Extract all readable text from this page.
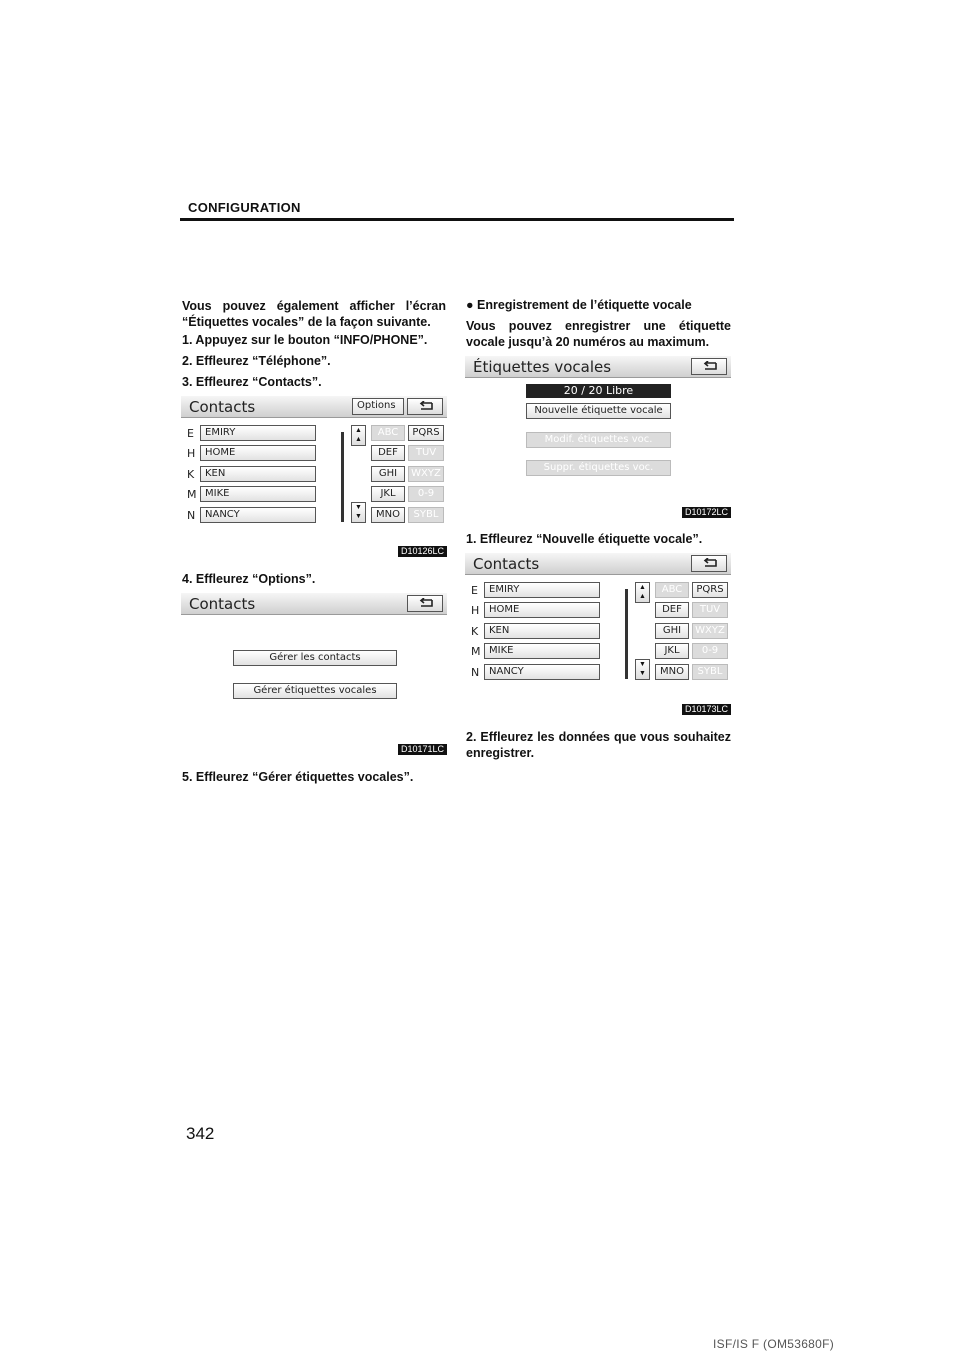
CONFIGURATION
Vous pouvez également afficher l’écran “Étiquettes vocales” de la façon suivante.
1. Appuyez sur le bouton “INFO/PHONE”.
2. Effleurez “Téléphone”.
3. Effleurez “Contacts”.
Contacts	Options
E
H
K
M
N
EMIRY
HOME
KEN
MIKE
NANCY
▲
▲
▼
▼
ABC
DEF
GHI
JKL
MNO
PQRS
TUV
WXYZ
0-9
SYBL
D10126LC
4. Effleurez “Options”.
Contacts
Gérer les contacts
Gérer étiquettes vocales
D10171LC
5. Effleurez “Gérer étiquettes vocales”.
● Enregistrement de l’étiquette vocale
Vous pouvez enregistrer une étiquette vocale jusqu’à 20 numéros au maximum.
Étiquettes vocales
20 / 20 Libre
Nouvelle étiquette vocale
Modif. étiquettes voc.
Suppr. étiquettes voc.
D10172LC
1. Effleurez “Nouvelle étiquette vocale”.
Contacts
E
H
K
M
N
EMIRY
HOME
KEN
MIKE
NANCY
▲
▲
▼
▼
ABC
DEF
GHI
JKL
MNO
PQRS
TUV
WXYZ
0-9
SYBL
D10173LC
2. Effleurez les données que vous souhaitez enregistrer.
342
ISF/IS F (OM53680F)
